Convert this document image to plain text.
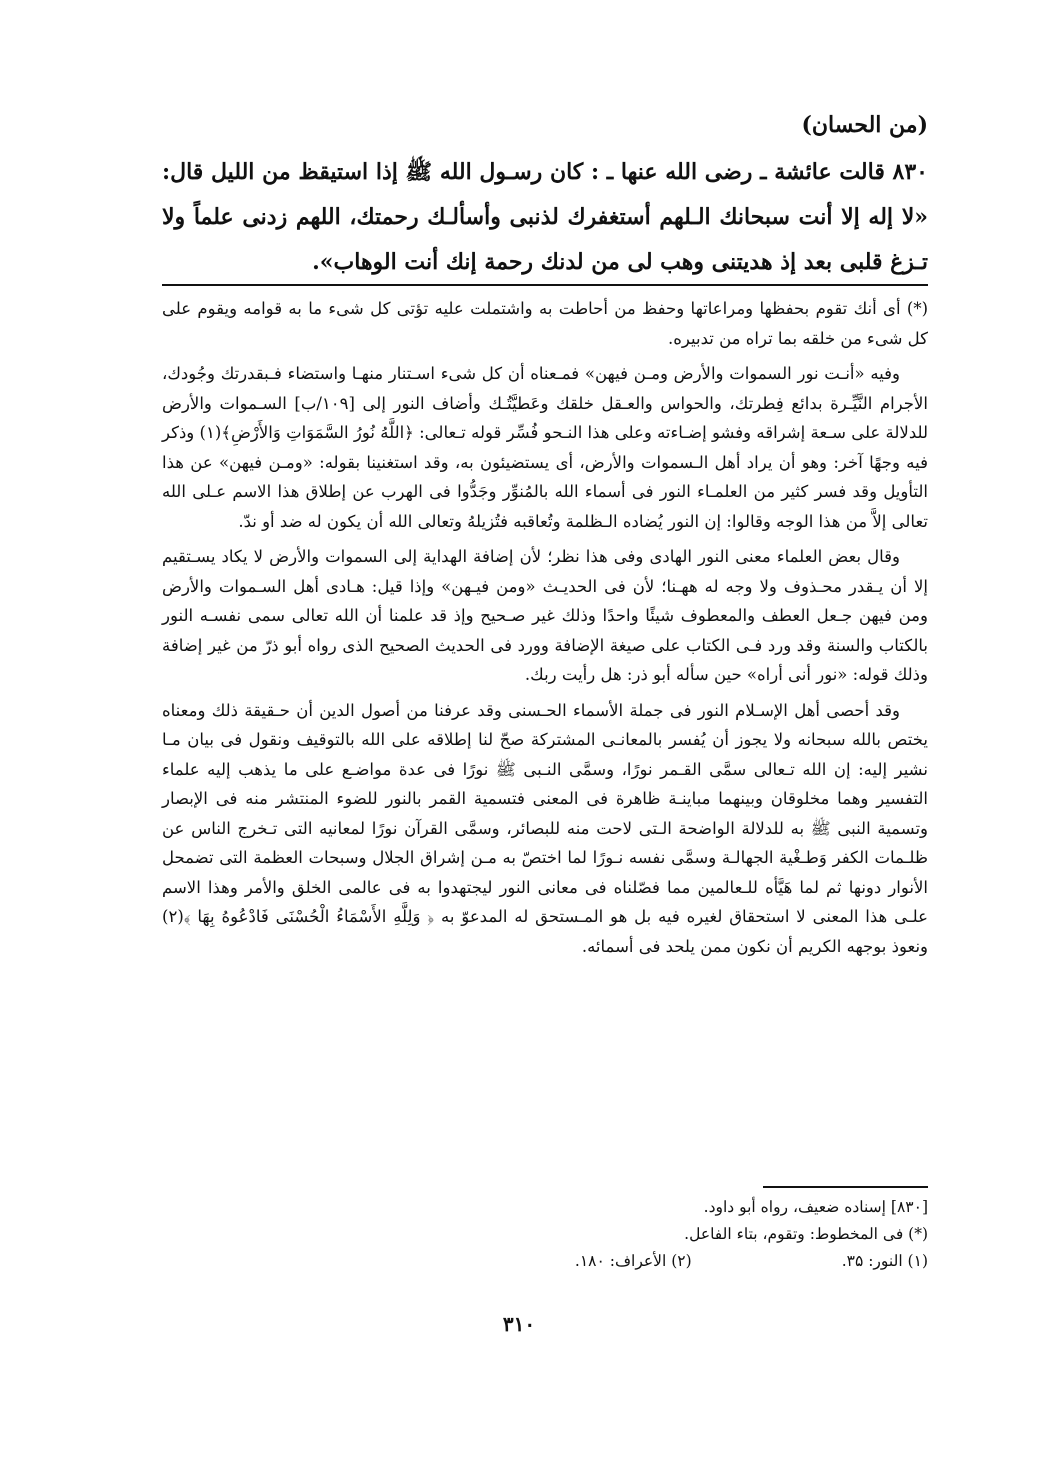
(من الحسان)
۸۳۰ قالت عائشة ـ رضى الله عنها ـ : كان رسـول الله ﷺ إذا استيقظ من الليل قال: «لا إله إلا أنت سبحانك الـلهم أستغفرك لذنبى وأسألـك رحمتك، اللهم زدنى علماً ولا تـزغ قلبى بعد إذ هديتنى وهب لى من لدنك رحمة إنك أنت الوهاب».

(*) أى أنك تقوم بحفظها ومراعاتها وحفظ من أحاطت به واشتملت عليه تؤتى كل شىء ما به قوامه ويقوم على كل شىء من خلقه بما تراه من تدبيره.

وفيه «أنـت نور السموات والأرض ومـن فيهن» فمـعناه أن كل شىء اسـتنار منهـا واستضاء فـبقدرتك وجُودك، الأجرام النَّيِّـرة بدائع فِطرتك، والحواس والعـقل خلقك وعَطيَّتُـك وأضاف النور إلى [۱۰۹/ب] السـموات والأرض للدلالة على سـعة إشراقه وفشو إضـاءته وعلى هذا النـحو فُسِّر قوله تـعالى: ﴿اللَّهُ نُورُ السَّمَوَاتِ وَالأَرْضِ﴾(۱) وذكر فيه وجهًا آخر: وهو أن يراد أهل الـسموات والأرض، أى يستضيئون به، وقد استغنينا بقوله: «ومـن فيهن» عن هذا التأويل وقد فسر كثير من العلمـاء النور فى أسماء الله بالمُنوِّر وجَدُّوا فى الهرب عن إطلاق هذا الاسم عـلى الله تعالى إلاَّ من هذا الوجه وقالوا: إن النور يُضاده الـظلمة وتُعاقبه فتُزيلهُ وتعالى الله أن يكون له ضد أو ندّ.

وقال بعض العلماء معنى النور الهادى وفى هذا نظر؛ لأن إضافة الهداية إلى السموات والأرض لا يكاد يسـتقيم إلا أن يـقدر محـذوف ولا وجه له ههـنا؛ لأن فى الحديـث «ومن فيـهن» وإذا قيل: هـادى أهل السـموات والأرض ومن فيهن جـعل العطف والمعطوف شيئًا واحدًا وذلك غير صـحيح وإذ قد علمنا أن الله تعالى سمى نفسـه النور بالكتاب والسنة وقد ورد فـى الكتاب على صيغة الإضافة وورد فى الحديث الصحيح الذى رواه أبو ذرّ من غير إضافة وذلك قوله: «نور أنى أراه» حين سأله أبو ذر: هل رأيت ربك.

وقد أحصى أهل الإسـلام النور فى جملة الأسماء الحـسنى وقد عرفنا من أصول الدين أن حـقيقة ذلك ومعناه يختص بالله سبحانه ولا يجوز أن يُفسر بالمعانـى المشتركة صحّ لنا إطلاقه على الله بالتوقيف ونقول فى بيان مـا نشير إليه: إن الله تـعالى سمَّى القـمر نورًا، وسمَّى النـبى ﷺ نورًا فى عدة مواضـع على ما يذهب إليه علماء التفسير وهما مخلوقان وبينهما مباينـة ظاهرة فى المعنى فتسمية القمر بالنور للضوء المنتشر منه فى الإبصار وتسمية النبى ﷺ به للدلالة الواضحة الـتى لاحت منه للبصائر، وسمَّى القرآن نورًا لمعانيه التى تـخرج الناس عن ظلـمات الكفر وَطـغْية الجهالـة وسمَّى نفسه نـورًا لما اختصّ به مـن إشراق الجلال وسبحات العظمة التى تضمحل الأنوار دونها ثم لما هَيَّأه للـعالمين مما فصّلناه فى معانى النور ليجتهدوا به فى عالمى الخلق والأمر وهذا الاسم علـى هذا المعنى لا استحقاق لغيره فيه بل هو المـستحق له المدعوّ به ﴿ وَلِلَّهِ الأَسْمَاءُ الْحُسْنَى فَادْعُوهُ بِهَا ﴾(۲) ونعوذ بوجهه الكريم أن نكون ممن يلحد فى أسمائه.

[۸۳۰] إسناده ضعيف، رواه أبو داود.

(*) فى المخطوط: وتقوم، بتاء الفاعل.

(۱) النور: ۳۵.
(۲) الأعراف: ۱۸۰.
۳۱۰
